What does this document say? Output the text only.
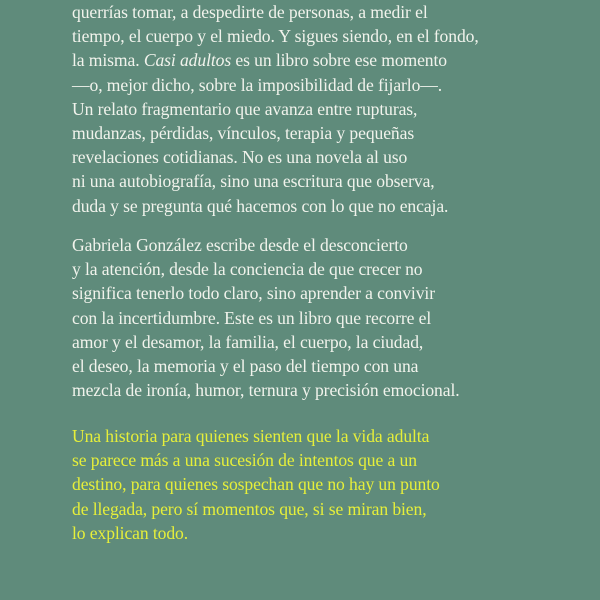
querrías tomar, a despedirte de personas, a medir el
tiempo, el cuerpo y el miedo. Y sigues siendo, en el fondo,
la misma. Casi adultos es un libro sobre ese momento
—o, mejor dicho, sobre la imposibilidad de fijarlo—.
Un relato fragmentario que avanza entre rupturas,
mudanzas, pérdidas, vínculos, terapia y pequeñas
revelaciones cotidianas. No es una novela al uso
ni una autobiografía, sino una escritura que observa,
duda y se pregunta qué hacemos con lo que no encaja.
Gabriela González escribe desde el desconcierto
y la atención, desde la conciencia de que crecer no
significa tenerlo todo claro, sino aprender a convivir
con la incertidumbre. Este es un libro que recorre el
amor y el desamor, la familia, el cuerpo, la ciudad,
el deseo, la memoria y el paso del tiempo con una
mezcla de ironía, humor, ternura y precisión emocional.
Una historia para quienes sienten que la vida adulta
se parece más a una sucesión de intentos que a un
destino, para quienes sospechan que no hay un punto
de llegada, pero sí momentos que, si se miran bien,
lo explican todo.
